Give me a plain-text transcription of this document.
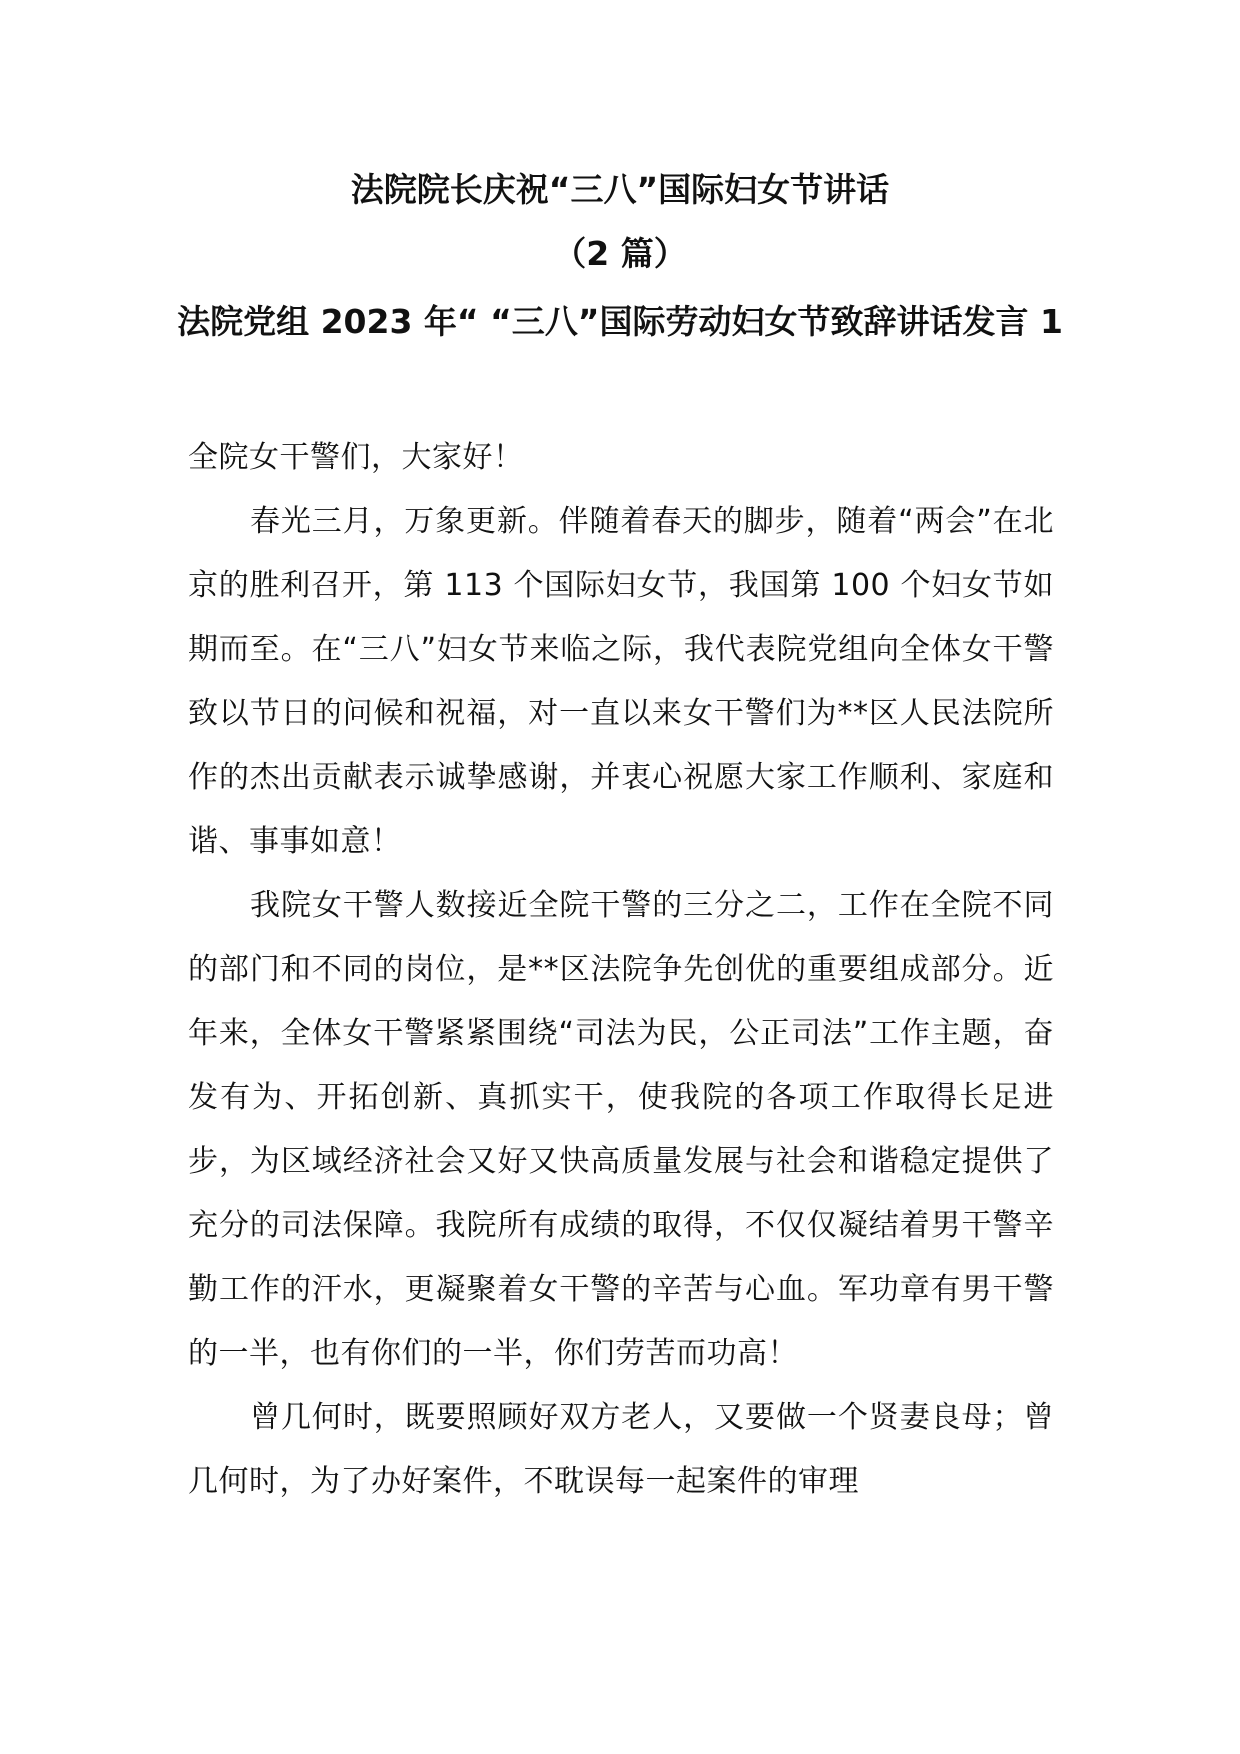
法院院长庆祝“三八”国际妇女节讲话
（2 篇）
法院党组 2023 年“ “三八”国际劳动妇女节致辞讲话发言 1

全院女干警们，大家好！

春光三月，万象更新。伴随着春天的脚步，随着“两会”在北京的胜利召开，第 113 个国际妇女节，我国第 100 个妇女节如期而至。在“三八”妇女节来临之际，我代表院党组向全体女干警致以节日的问候和祝福，对一直以来女干警们为**区人民法院所作的杰出贡献表示诚挚感谢，并衷心祝愿大家工作顺利、家庭和谐、事事如意！

我院女干警人数接近全院干警的三分之二，工作在全院不同的部门和不同的岗位，是**区法院争先创优的重要组成部分。近年来，全体女干警紧紧围绕“司法为民，公正司法”工作主题，奋发有为、开拓创新、真抓实干，使我院的各项工作取得长足进步，为区域经济社会又好又快高质量发展与社会和谐稳定提供了充分的司法保障。我院所有成绩的取得，不仅仅凝结着男干警辛勤工作的汗水，更凝聚着女干警的辛苦与心血。军功章有男干警的一半，也有你们的一半，你们劳苦而功高！

曾几何时，既要照顾好双方老人，又要做一个贤妻良母；曾几何时，为了办好案件，不耽误每一起案件的审理
